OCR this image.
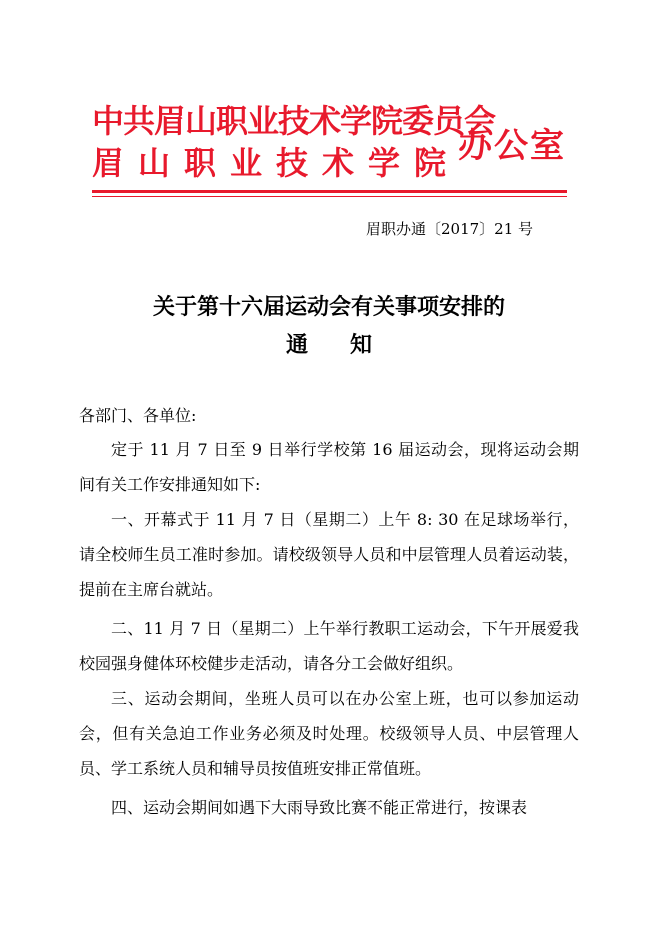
中共眉山职业技术学院委员会
眉山职业技术学院
办公室
眉职办通〔2017〕21 号
关于第十六届运动会有关事项安排的
通知
各部门、各单位:
定于 11 月 7 日至 9 日举行学校第 16 届运动会，现将运动会期间有关工作安排通知如下:
一、开幕式于 11 月 7 日（星期二）上午 8: 30 在足球场举行，请全校师生员工准时参加。请校级领导人员和中层管理人员着运动装，提前在主席台就站。
二、11 月 7 日（星期二）上午举行教职工运动会，下午开展爱我校园强身健体环校健步走活动，请各分工会做好组织。
三、运动会期间，坐班人员可以在办公室上班，也可以参加运动会，但有关急迫工作业务必须及时处理。校级领导人员、中层管理人员、学工系统人员和辅导员按值班安排正常值班。
四、运动会期间如遇下大雨导致比赛不能正常进行，按课表
